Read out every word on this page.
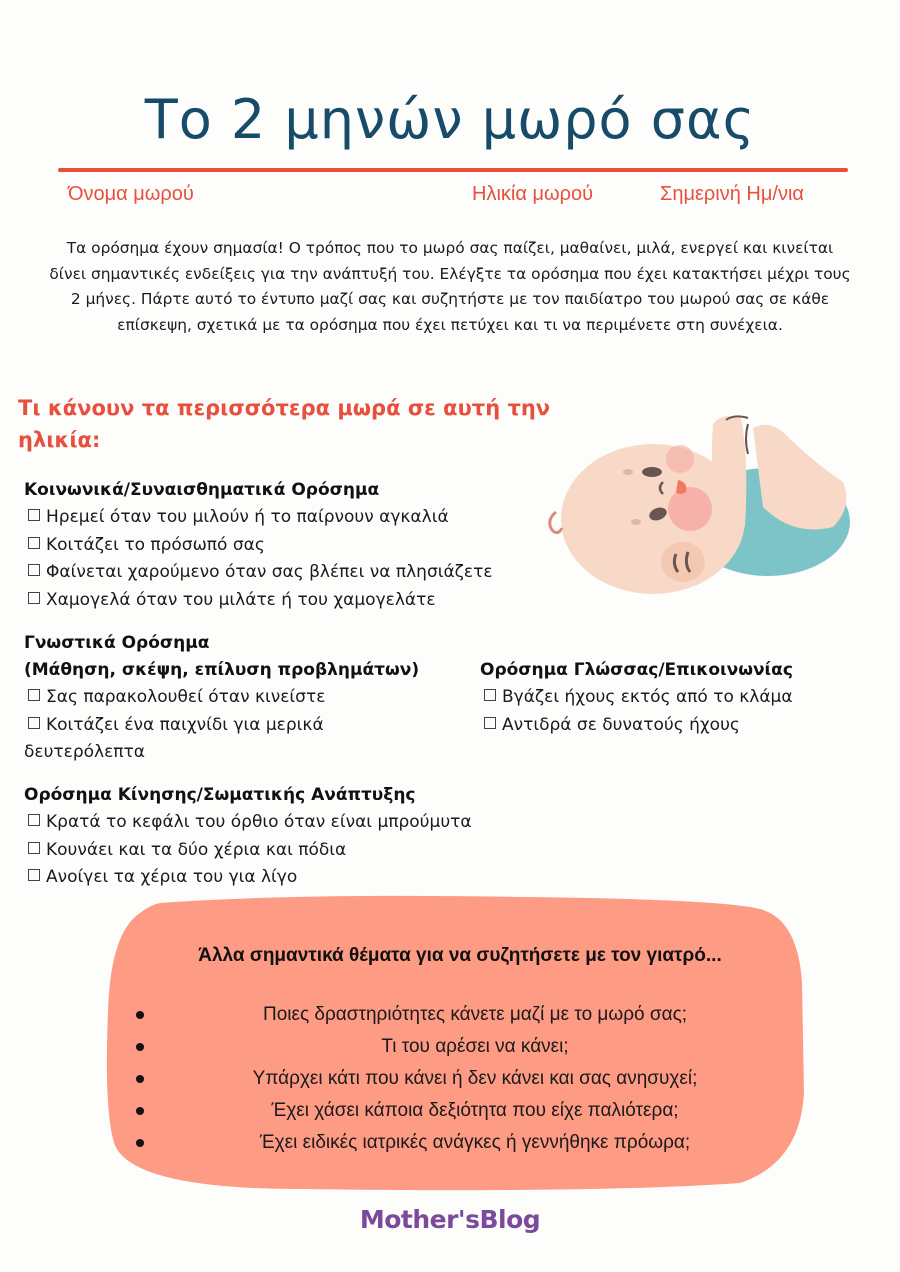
Το 2 μηνών μωρό σας
Όνομα μωρού	Ηλικία μωρού	Σημερινή Ημ/νια

Τα ορόσημα έχουν σημασία! Ο τρόπος που το μωρό σας παίζει, μαθαίνει, μιλά, ενεργεί και κινείται δίνει σημαντικές ενδείξεις για την ανάπτυξή του. Ελέγξτε τα ορόσημα που έχει κατακτήσει μέχρι τους 2 μήνες. Πάρτε αυτό το έντυπο μαζί σας και συζητήστε με τον παιδίατρο του μωρού σας σε κάθε επίσκεψη, σχετικά με τα ορόσημα που έχει πετύχει και τι να περιμένετε στη συνέχεια.

Τι κάνουν τα περισσότερα μωρά σε αυτή την ηλικία:
Κοινωνικά/Συναισθηματικά Ορόσημα
Ηρεμεί όταν του μιλούν ή το παίρνουν αγκαλιά
Κοιτάζει το πρόσωπό σας
Φαίνεται χαρούμενο όταν σας βλέπει να πλησιάζετε
Χαμογελά όταν του μιλάτε ή του χαμογελάτε
Γνωστικά Ορόσημα
(Μάθηση, σκέψη, επίλυση προβλημάτων)
Σας παρακολουθεί όταν κινείστε
Κοιτάζει ένα παιχνίδι για μερικά δευτερόλεπτα
Ορόσημα Γλώσσας/Επικοινωνίας
Βγάζει ήχους εκτός από το κλάμα
Αντιδρά σε δυνατούς ήχους
Ορόσημα Κίνησης/Σωματικής Ανάπτυξης
Κρατά το κεφάλι του όρθιο όταν είναι μπρούμυτα
Κουνάει και τα δύο χέρια και πόδια
Ανοίγει τα χέρια του για λίγο
Άλλα σημαντικά θέματα για να συζητήσετε με τον γιατρό...
Ποιες δραστηριότητες κάνετε μαζί με το μωρό σας;
Τι του αρέσει να κάνει;
Υπάρχει κάτι που κάνει ή δεν κάνει και σας ανησυχεί;
Έχει χάσει κάποια δεξιότητα που είχε παλιότερα;
Έχει ειδικές ιατρικές ανάγκες ή γεννήθηκε πρόωρα;
Mother'sBlog
